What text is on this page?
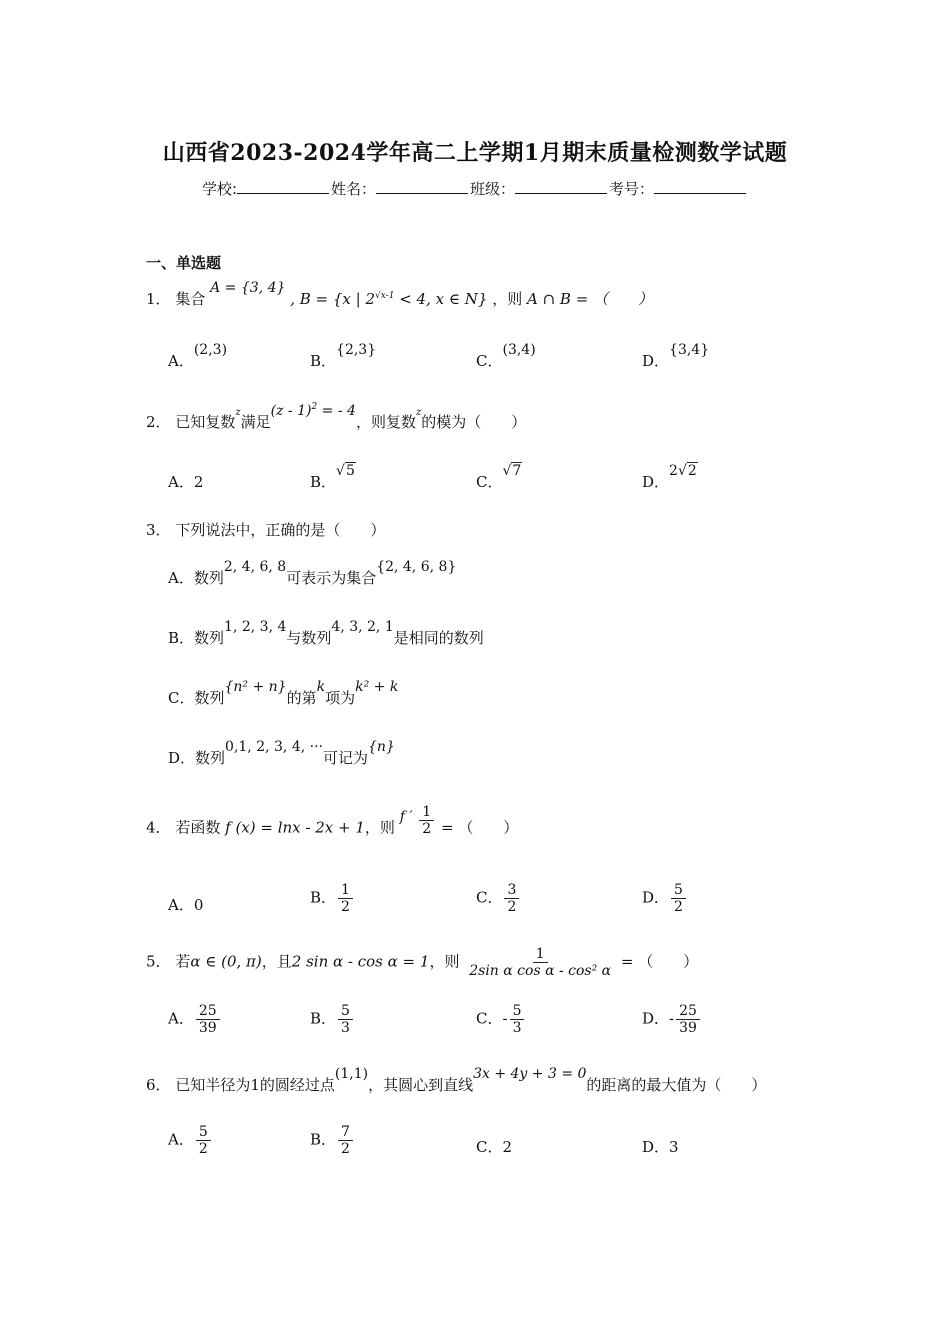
山西省2023-2024学年高二上学期1月期末质量检测数学试题
学校:	姓名：	班级：	考号：
一、单选题
1． 集合 A = {3, 4} , B = {x | $2^{√x-1} < 4$, x ∈ N} ，则 A ∩ B = （　　）
A．(2,3)
B．{2,3}
C．(3,4)
D．{3,4}
2． 已知复数$^z$满足(z - 1)$^2$ = - 4，则复数$^z$的模为（　　）
A．2	B．√5
C．√7
D．2√2
3． 下列说法中，正确的是（　　）
A．数列2, 4, 6, 8可表示为集合{2, 4, 6, 8}
B．数列1, 2, 3, 4与数列4, 3, 2, 1是相同的数列
C．数列{n² + n}的第k项为k² + k
D．数列0,1, 2, 3, 4, ···可记为{n}
4． 若函数 f (x) = lnx - 2x + 1，则 f ′ $\frac{1}{2}$ = （　　）
A．0	B． $\frac{1}{2}$	C． $\frac{3}{2}$	D． $\frac{5}{2}$
5． 若α ∈ (0, π)，且2 sin α - cos α = 1，则 $\frac{1}{\text{2sin α cos α - cos² α}}$ = （　　）
A． $\frac{25}{39}$	B． $\frac{5}{3}$	C．- $\frac{5}{3}$	D．- $\frac{25}{39}$
6． 已知半径为1的圆经过点(1,1)，其圆心到直线3x + 4y + 3 = 0的距离的最大值为（　　）
A． $\frac{5}{2}$	B． $\frac{7}{2}$	C．2	D．3
